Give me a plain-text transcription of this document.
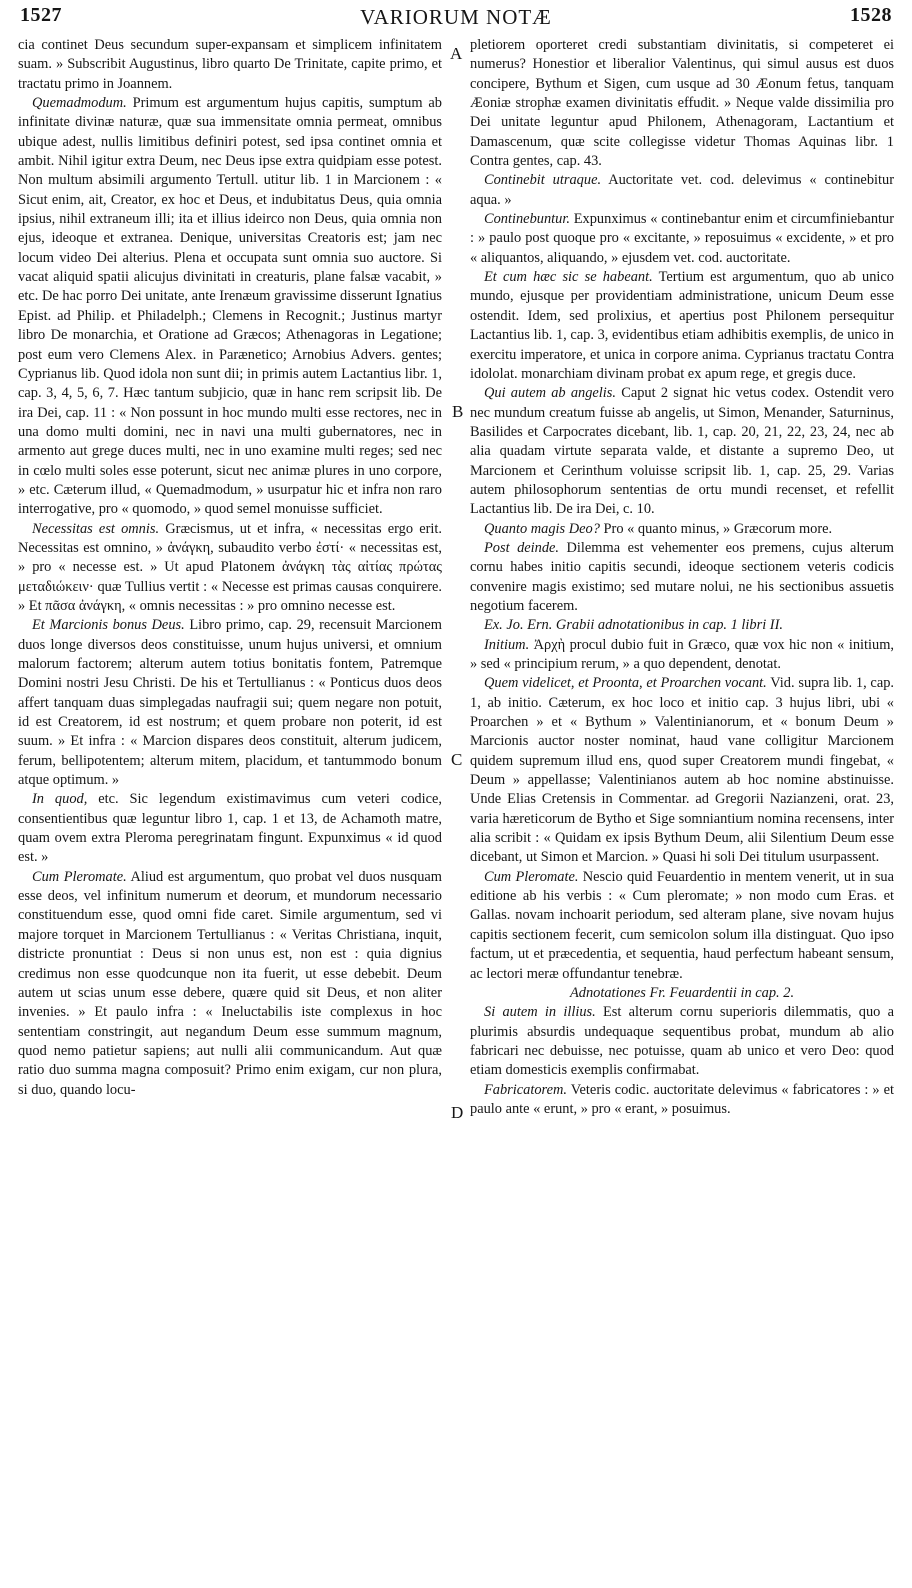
1527	VARIORUM NOTÆ	1528

cia continet Deus secundum super-expansam et simplicem infinitatem suam. » Subscribit Augustinus, libro quarto De Trinitate, capite primo, et tractatu primo in Joannem.

Quemadmodum. Primum est argumentum hujus capitis, sumptum ab infinitate divinæ naturæ, quæ sua immensitate omnia permeat, omnibus ubique adest, nullis limitibus definiri potest, sed ipsa continet omnia et ambit. Nihil igitur extra Deum, nec Deus ipse extra quidpiam esse potest. Non multum absimili argumento Tertull. utitur lib. 1 in Marcionem : « Sicut enim, ait, Creator, ex hoc et Deus, et indubitatus Deus, quia omnia ipsius, nihil extraneum illi; ita et illius ideirco non Deus, quia omnia non ejus, ideoque et extranea. Denique, universitas Creatoris est; jam nec locum video Dei alterius. Plena et occupata sunt omnia suo auctore. Si vacat aliquid spatii alicujus divinitati in creaturis, plane falsæ vacabit, » etc. De hac porro Dei unitate, ante Irenæum gravissime disserunt Ignatius Epist. ad Philip. et Philadelph.; Clemens in Recognit.; Justinus martyr libro De monarchia, et Oratione ad Græcos; Athenagoras in Legatione; post eum vero Clemens Alex. in Parænetico; Arnobius Advers. gentes; Cyprianus lib. Quod idola non sunt dii; in primis autem Lactantius libr. 1, cap. 3, 4, 5, 6, 7. Hæc tantum subjicio, quæ in hanc rem scripsit lib. De ira Dei, cap. 11 : « Non possunt in hoc mundo multi esse rectores, nec in una domo multi domini, nec in navi una multi gubernatores, nec in armento aut grege duces multi, nec in uno examine multi reges; sed nec in cœlo multi soles esse poterunt, sicut nec animæ plures in uno corpore, » etc. Cæterum illud, « Quemadmodum, » usurpatur hic et infra non raro interrogative, pro « quomodo, » quod semel monuisse sufficiet.

Necessitas est omnis. Græcismus, ut et infra, « necessitas ergo erit. Necessitas est omnino, » ἀνάγκη, subaudito verbo ἐστί· « necessitas est, » pro « necesse est. » Ut apud Platonem ἀνάγκη τὰς αἰτίας πρώτας μεταδιώκειν· quæ Tullius vertit : « Necesse est primas causas conquirere. » Et πᾶσα ἀνάγκη, « omnis necessitas : » pro omnino necesse est.

Et Marcionis bonus Deus. Libro primo, cap. 29, recensuit Marcionem duos longe diversos deos constituisse, unum hujus universi, et omnium malorum factorem; alterum autem totius bonitatis fontem, Patremque Domini nostri Jesu Christi. De his et Tertullianus : « Ponticus duos deos affert tanquam duas simplegadas naufragii sui; quem negare non potuit, id est Creatorem, id est nostrum; et quem probare non poterit, id est suum. » Et infra : « Marcion dispares deos constituit, alterum judicem, ferum, bellipotentem; alterum mitem, placidum, et tantummodo bonum atque optimum. »

In quod, etc. Sic legendum existimavimus cum veteri codice, consentientibus quæ leguntur libro 1, cap. 1 et 13, de Achamoth matre, quam ovem extra Pleroma peregrinatam fingunt. Expunximus « id quod est. »

Cum Pleromate. Aliud est argumentum, quo probat vel duos nusquam esse deos, vel infinitum numerum et deorum, et mundorum necessario constituendum esse, quod omni fide caret. Simile argumentum, sed vi majore torquet in Marcionem Tertullianus : « Veritas Christiana, inquit, districte pronuntiat : Deus si non unus est, non est : quia dignius credimus non esse quodcunque non ita fuerit, ut esse debebit. Deum autem ut scias unum esse debere, quære quid sit Deus, et non aliter invenies. » Et paulo infra : « Ineluctabilis iste complexus in hoc sententiam constringit, aut negandum Deum esse summum magnum, quod nemo patietur sapiens; aut nulli alii communicandum. Aut quæ ratio duo summa magna composuit? Primo enim exigam, cur non plura, si duo, quando locu-

pletiorem oporteret credi substantiam divinitatis, si competeret ei numerus? Honestior et liberalior Valentinus, qui simul ausus est duos concipere, Bythum et Sigen, cum usque ad 30 Æonum fetus, tanquam Æoniæ strophæ examen divinitatis effudit. » Neque valde dissimilia pro Dei unitate leguntur apud Philonem, Athenagoram, Lactantium et Damascenum, quæ scite collegisse videtur Thomas Aquinas libr. 1 Contra gentes, cap. 43.

Continebit utraque. Auctoritate vet. cod. delevimus « continebitur aqua. »

Continebuntur. Expunximus « continebantur enim et circumfiniebantur : » paulo post quoque pro « excitante, » reposuimus « excidente, » et pro « aliquantos, aliquando, » ejusdem vet. cod. auctoritate.

Et cum hæc sic se habeant. Tertium est argumentum, quo ab unico mundo, ejusque per providentiam administratione, unicum Deum esse ostendit. Idem, sed prolixius, et apertius post Philonem persequitur Lactantius lib. 1, cap. 3, evidentibus etiam adhibitis exemplis, de unico in exercitu imperatore, et unica in corpore anima. Cyprianus tractatu Contra idololat. monarchiam divinam probat ex apum rege, et gregis duce.

Qui autem ab angelis. Caput 2 signat hic vetus codex. Ostendit vero nec mundum creatum fuisse ab angelis, ut Simon, Menander, Saturninus, Basilides et Carpocrates dicebant, lib. 1, cap. 20, 21, 22, 23, 24, nec ab alia quadam virtute separata valde, et distante a supremo Deo, ut Marcionem et Cerinthum voluisse scripsit lib. 1, cap. 25, 29. Varias autem philosophorum sententias de ortu mundi recenset, et refellit Lactantius lib. De ira Dei, c. 10.

Quanto magis Deo? Pro « quanto minus, » Græcorum more.

Post deinde. Dilemma est vehementer eos premens, cujus alterum cornu habes initio capitis secundi, ideoque sectionem veteris codicis convenire magis existimo; sed mutare nolui, ne his sectionibus assuetis negotium facerem.

Ex. Jo. Ern. Grabii adnotationibus in cap. 1 libri II.

Initium. Ἀρχὴ procul dubio fuit in Græco, quæ vox hic non « initium, » sed « principium rerum, » a quo dependent, denotat.

Quem videlicet, et Proonta, et Proarchen vocant. Vid. supra lib. 1, cap. 1, ab initio. Cæterum, ex hoc loco et initio cap. 3 hujus libri, ubi « Proarchen » et « Bythum » Valentinianorum, et « bonum Deum » Marcionis auctor noster nominat, haud vane colligitur Marcionem quidem supremum illud ens, quod super Creatorem mundi fingebat, « Deum » appellasse; Valentinianos autem ab hoc nomine abstinuisse. Unde Elias Cretensis in Commentar. ad Gregorii Nazianzeni, orat. 23, varia hæreticorum de Bytho et Sige somniantium nomina recensens, inter alia scribit : « Quidam ex ipsis Bythum Deum, alii Silentium Deum esse dicebant, ut Simon et Marcion. » Quasi hi soli Dei titulum usurpassent.

Cum Pleromate. Nescio quid Feuardentio in mentem venerit, ut in sua editione ab his verbis : « Cum pleromate; » non modo cum Eras. et Gallas. novam inchoarit periodum, sed alteram plane, sive novam hujus capitis sectionem fecerit, cum semicolon solum illa distinguat. Quo ipso factum, ut et præcedentia, et sequentia, haud perfectum habeant sensum, ac lectori meræ offundantur tenebræ.

Adnotationes Fr. Feuardentii in cap. 2.

Si autem in illius. Est alterum cornu superioris dilemmatis, quo a plurimis absurdis undequaque sequentibus probat, mundum ab alio fabricari nec debuisse, nec potuisse, quam ab unico et vero Deo: quod etiam domesticis exemplis confirmabat.

Fabricatorem. Veteris codic. auctoritate delevimus « fabricatores : » et paulo ante « erunt, » pro « erant, » posuimus.

A
B
C
D
